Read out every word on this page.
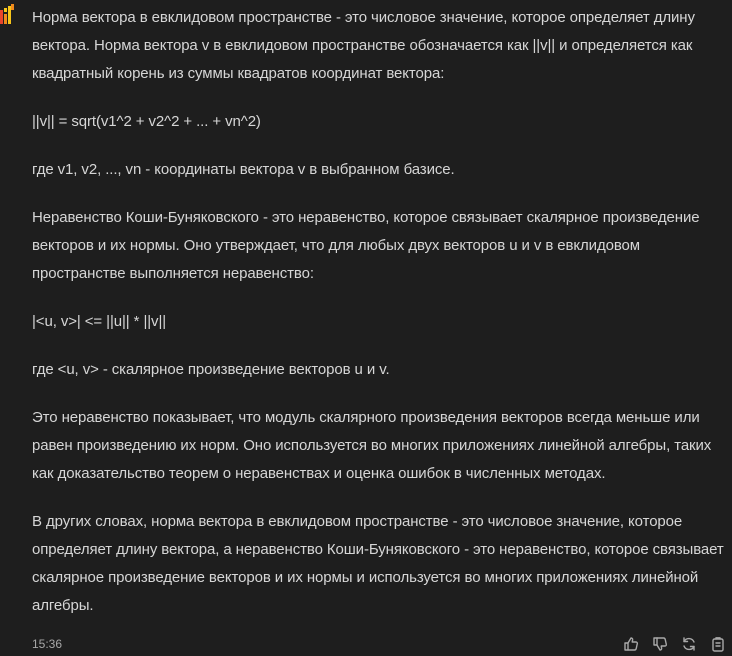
Норма вектора в евклидовом пространстве - это числовое значение, которое определяет длину вектора. Норма вектора v в евклидовом пространстве обозначается как ||v|| и определяется как квадратный корень из суммы квадратов координат вектора:

||v|| = sqrt(v1^2 + v2^2 + ... + vn^2)

где v1, v2, ..., vn - координаты вектора v в выбранном базисе.

Неравенство Коши-Буняковского - это неравенство, которое связывает скалярное произведение векторов и их нормы. Оно утверждает, что для любых двух векторов u и v в евклидовом пространстве выполняется неравенство:

|<u, v>| <= ||u|| * ||v||

где <u, v> - скалярное произведение векторов u и v.

Это неравенство показывает, что модуль скалярного произведения векторов всегда меньше или равен произведению их норм. Оно используется во многих приложениях линейной алгебры, таких как доказательство теорем о неравенствах и оценка ошибок в численных методах.

В других словах, норма вектора в евклидовом пространстве - это числовое значение, которое определяет длину вектора, а неравенство Коши-Буняковского - это неравенство, которое связывает скалярное произведение векторов и их нормы и используется во многих приложениях линейной алгебры.

15:36
